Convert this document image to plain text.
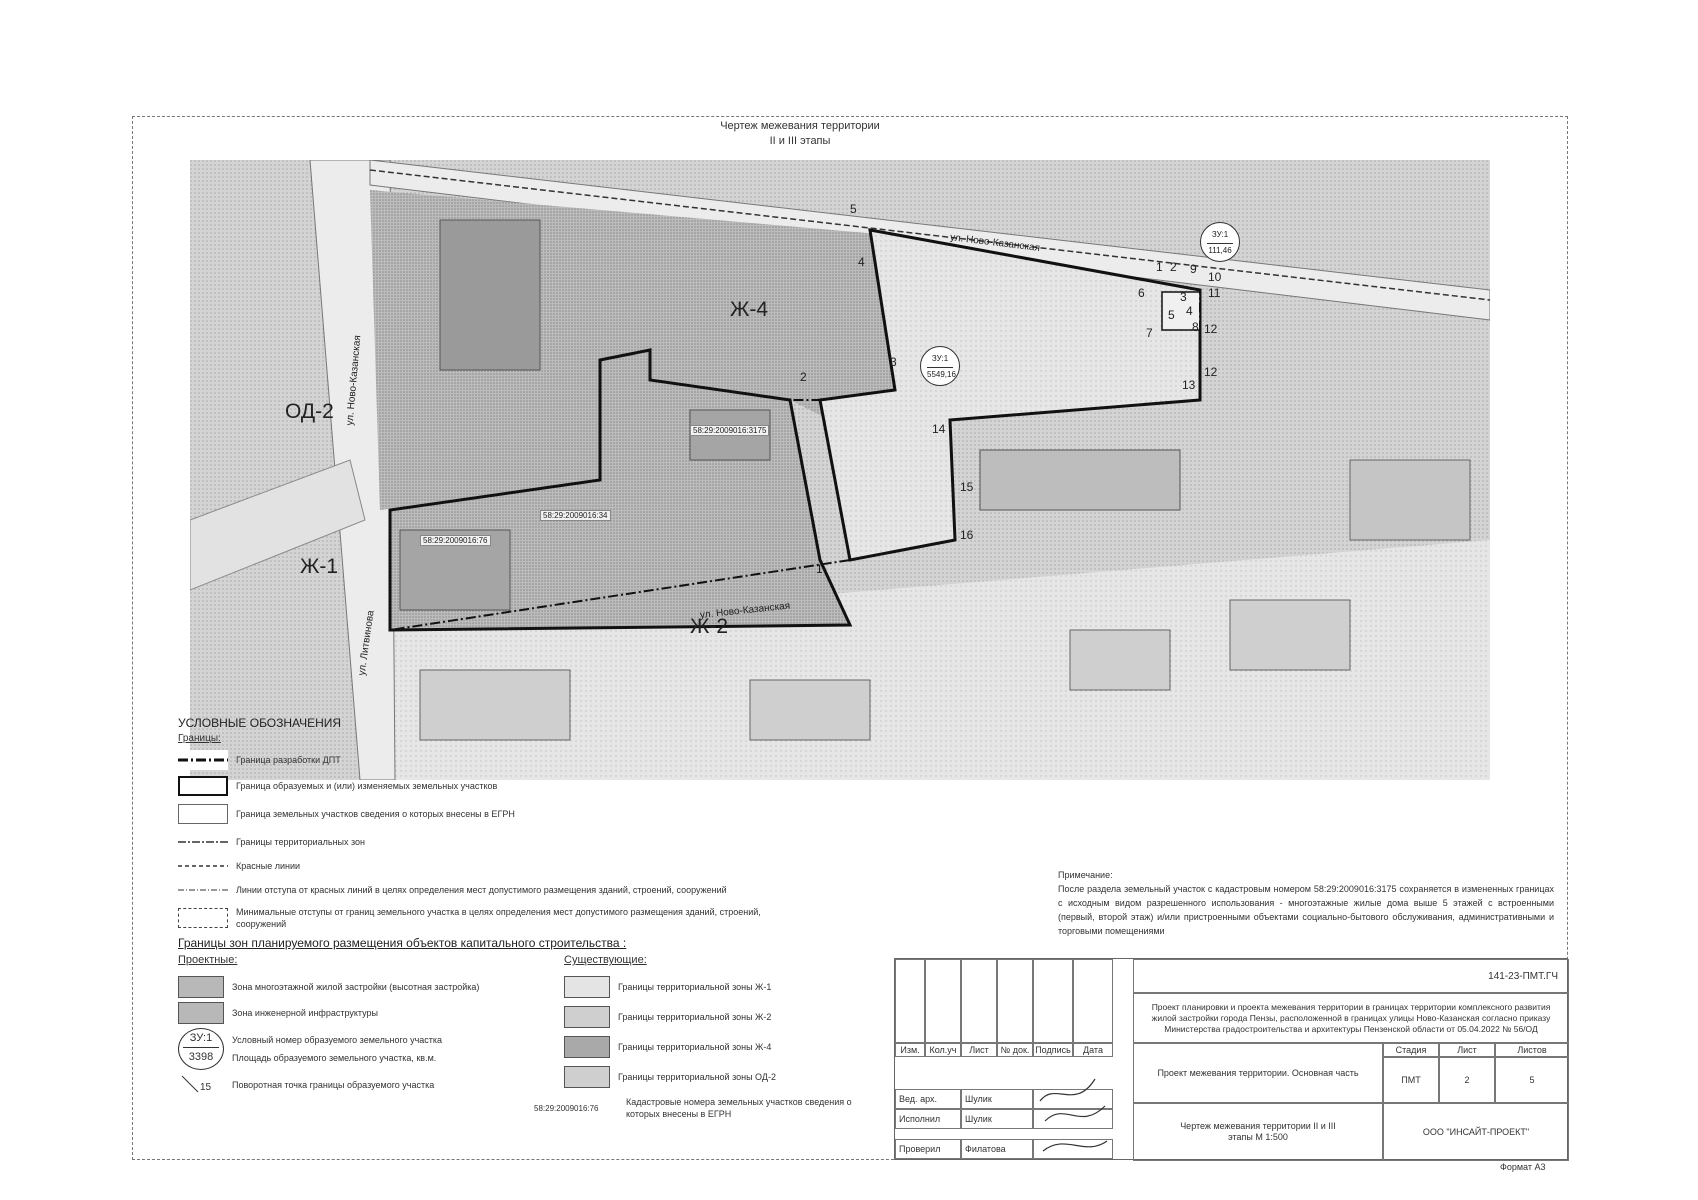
Чертеж межевания территории
II и III этапы
Ж-4
ОД-2
Ж-1
Ж-2
ул. Ново-Казанская
ул. Ново-Казанская
ул. Ново-Казанская
ул. Литвинова
58:29:2009016:3175
58:29:2009016:34
58:29:2009016:76
ЗУ:1
5549,16
ЗУ:1
111,46
1
2
3
4
5
12
13
14
15
16
9
10
11
12
5
7	8
6
1 2
3
4
УСЛОВНЫЕ ОБОЗНАЧЕНИЯ
Границы:
Граница разработки ДПТ
Граница образуемых и (или) изменяемых земельных участков
Граница земельных участков сведения о которых внесены в ЕГРН
Границы территориальных зон
Красные линии
Линии отступа от красных линий в целях определения мест допустимого размещения зданий, строений, сооружений
Минимальные отступы от границ земельного участка в целях определения мест допустимого размещения зданий, строений, сооружений
Границы зон планируемого размещения объектов капитального строительства :
Проектные:	Существующие:
Зона многоэтажной жилой застройки (высотная застройка)
Зона инженерной инфраструктуры
ЗУ:1
3398
Условный номер образуемого земельного участка
Площадь образуемого земельного участка, кв.м.
15 Поворотная точка границы образуемого участка
Границы территориальной зоны Ж-1
Границы территориальной зоны Ж-2
Границы территориальной зоны Ж-4
Границы территориальной зоны ОД-2
58:29:2009016:76
Кадастровые номера земельных участков сведения о которых внесены в ЕГРН
Примечание:
После раздела земельный участок с кадастровым номером 58:29:2009016:3175 сохраняется в измененных границах с исходным видом разрешенного использования - многоэтажные жилые дома выше 5 этажей с встроенными (первый, второй этаж) и/или пристроенными объектами социально-бытового обслуживания, административными и торговыми помещениями
Изм.	Кол.уч	Лист	№ док. Подпись	Дата
Вед. арх.	Шулик
Исполнил	Шулик
Проверил	Филатова
141-23-ПМТ.ГЧ
Проект планировки и проекта межевания территории в границах территории комплексного развития жилой застройки города Пензы, расположенной в границах улицы Ново-Казанская согласно приказу Министерства градостроительства и архитектуры Пензенской области от 05.04.2022 № 56/ОД
Проект межевания территории. Основная часть
Стадия	Лист	Листов
ПМТ	2	5
Чертеж межевания территории II и III этапы М 1:500
ООО "ИНСАЙТ-ПРОЕКТ"
Формат А3
